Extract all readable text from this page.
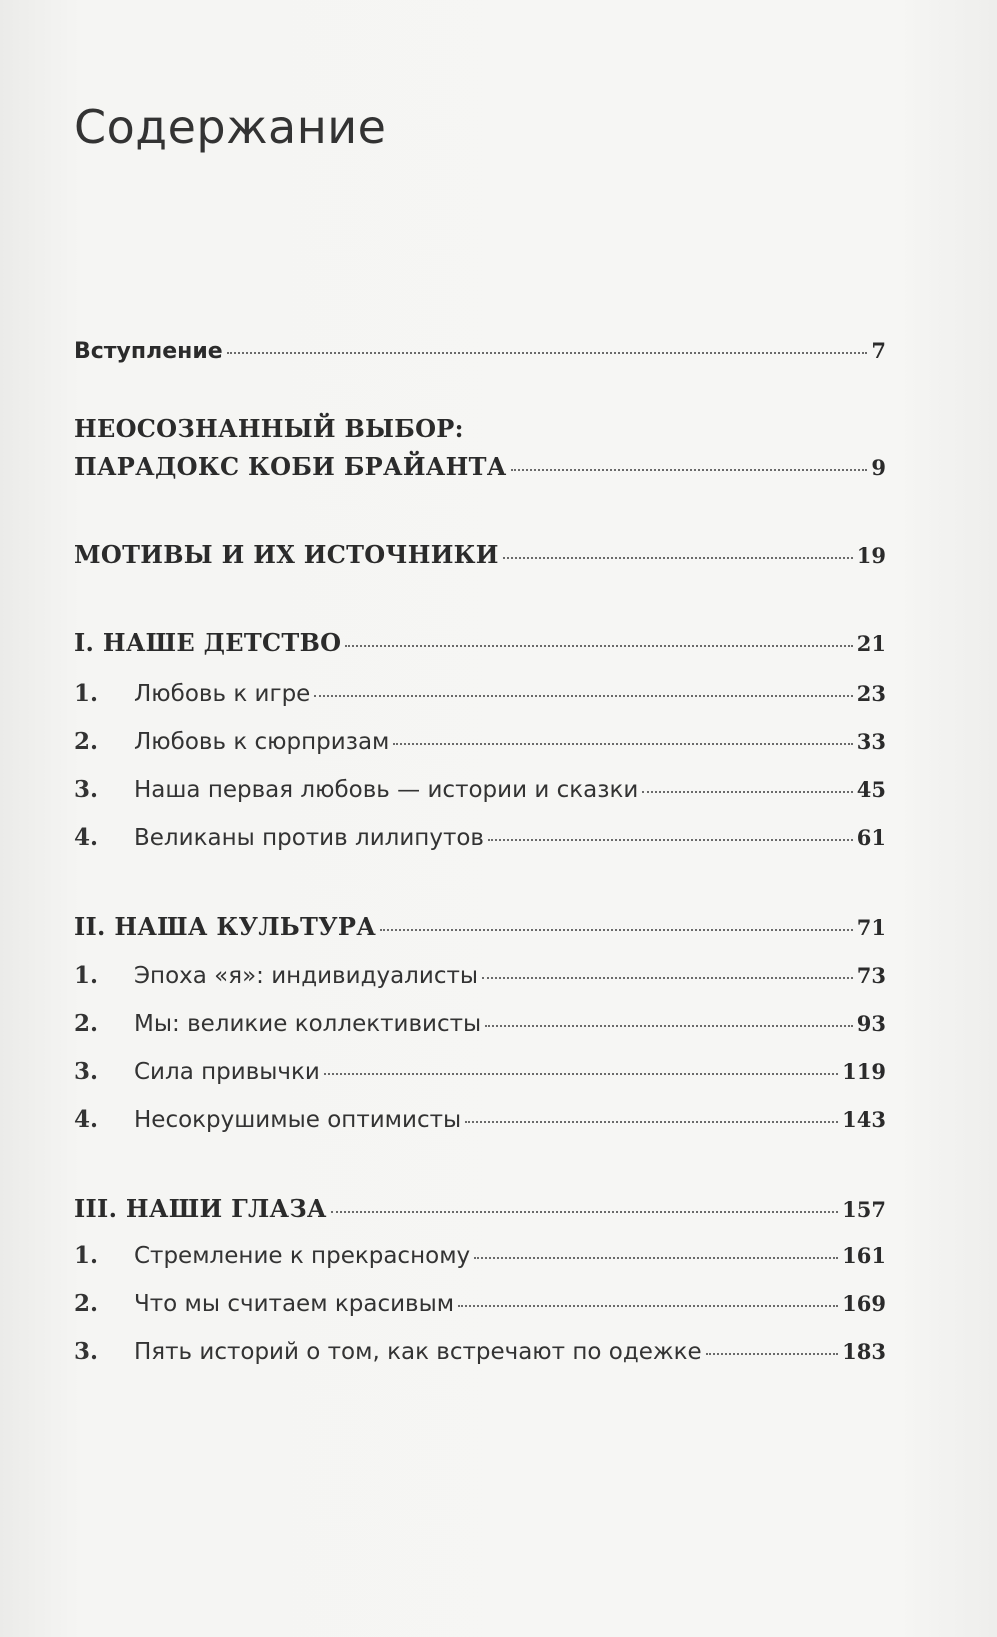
Содержание
Вступление	7
НЕОСОЗНАННЫЙ ВЫБОР:
ПАРАДОКС КОБИ БРАЙАНТА	9
МОТИВЫ И ИХ ИСТОЧНИКИ	19
I. НАШЕ ДЕТСТВО	21
1.	Любовь к игре	23
2.	Любовь к сюрпризам	33
3.	Наша первая любовь — истории и сказки	45
4.	Великаны против лилипутов	61
II. НАША КУЛЬТУРА	71
1.	Эпоха «я»: индивидуалисты	73
2.	Мы: великие коллективисты	93
3.	Сила привычки	119
4.	Несокрушимые оптимисты	143
III. НАШИ ГЛАЗА	157
1.	Стремление к прекрасному	161
2.	Что мы считаем красивым	169
3.	Пять историй о том, как встречают по одежке	183
